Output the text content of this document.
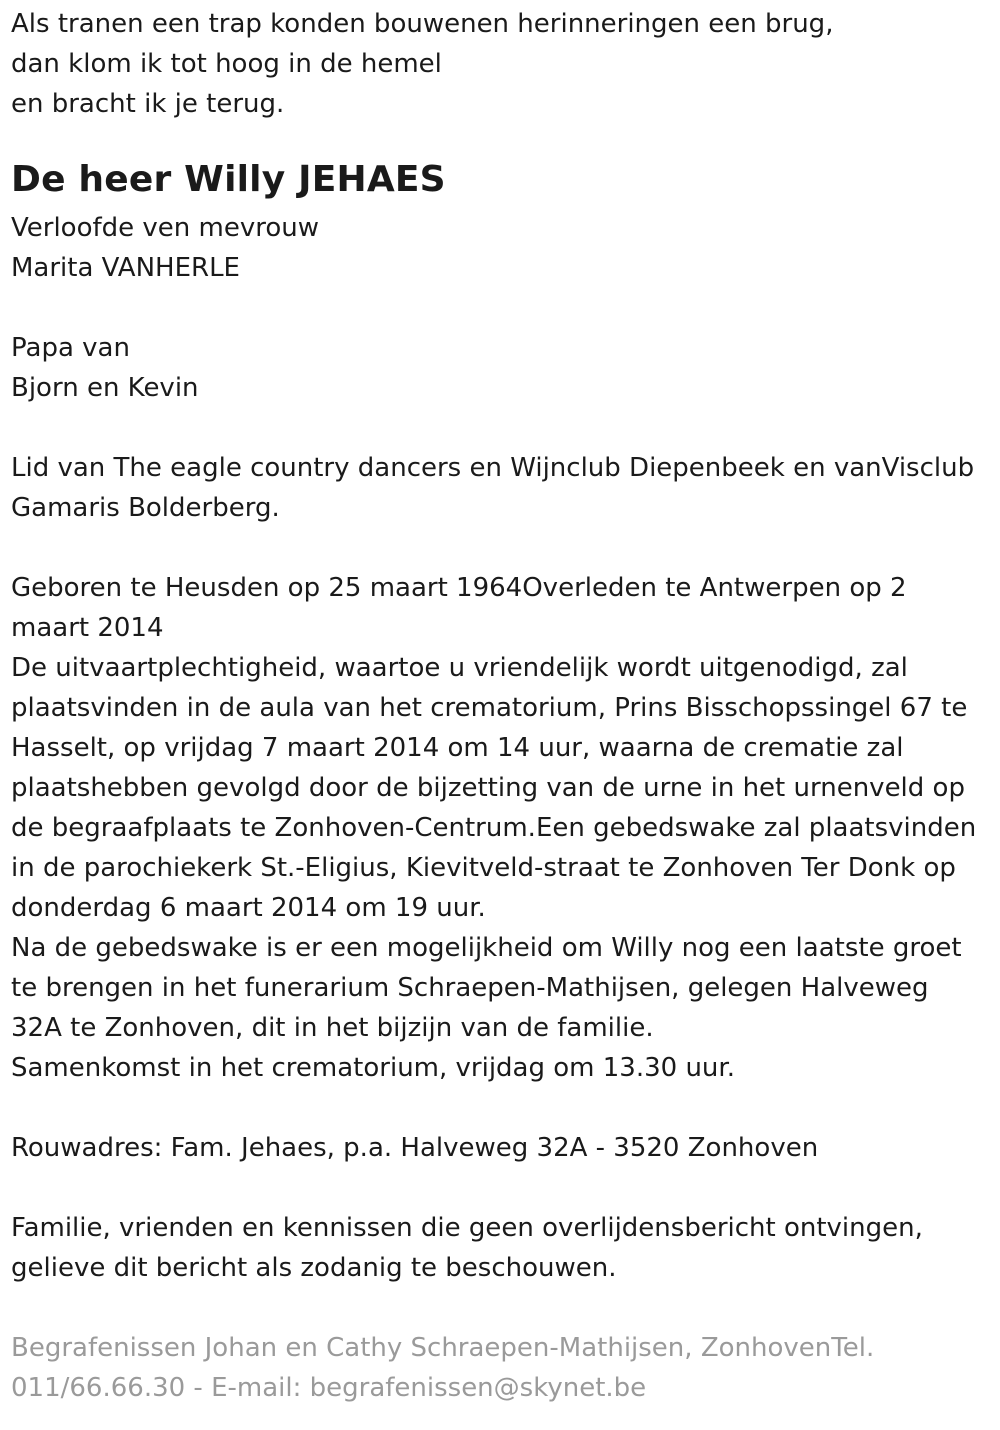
Als tranen een trap konden bouwenen herinneringen een brug,
dan klom ik tot hoog in de hemel
en bracht ik je terug.
De heer Willy JEHAES
Verloofde ven mevrouw
Marita VANHERLE
Papa van
Bjorn en Kevin
Lid van The eagle country dancers en Wijnclub Diepenbeek en vanVisclub
Gamaris Bolderberg.
Geboren te Heusden op 25 maart 1964Overleden te Antwerpen op 2
maart 2014
De uitvaartplechtigheid, waartoe u vriendelijk wordt uitgenodigd, zal
plaatsvinden in de aula van het crematorium, Prins Bisschopssingel 67 te
Hasselt, op vrijdag 7 maart 2014 om 14 uur, waarna de crematie zal
plaatshebben gevolgd door de bijzetting van de urne in het urnenveld op
de begraafplaats te Zonhoven-Centrum.Een gebedswake zal plaatsvinden
in de parochiekerk St.-Eligius, Kievitveld-straat te Zonhoven Ter Donk op
donderdag 6 maart 2014 om 19 uur.
Na de gebedswake is er een mogelijkheid om Willy nog een laatste groet
te brengen in het funerarium Schraepen-Mathijsen, gelegen Halveweg
32A te Zonhoven, dit in het bijzijn van de familie.
Samenkomst in het crematorium, vrijdag om 13.30 uur.
Rouwadres: Fam. Jehaes, p.a. Halveweg 32A - 3520 Zonhoven
Familie, vrienden en kennissen die geen overlijdensbericht ontvingen,
gelieve dit bericht als zodanig te beschouwen.
Begrafenissen Johan en Cathy Schraepen-Mathijsen, ZonhovenTel.
011/66.66.30 - E-mail: begrafenissen@skynet.be
